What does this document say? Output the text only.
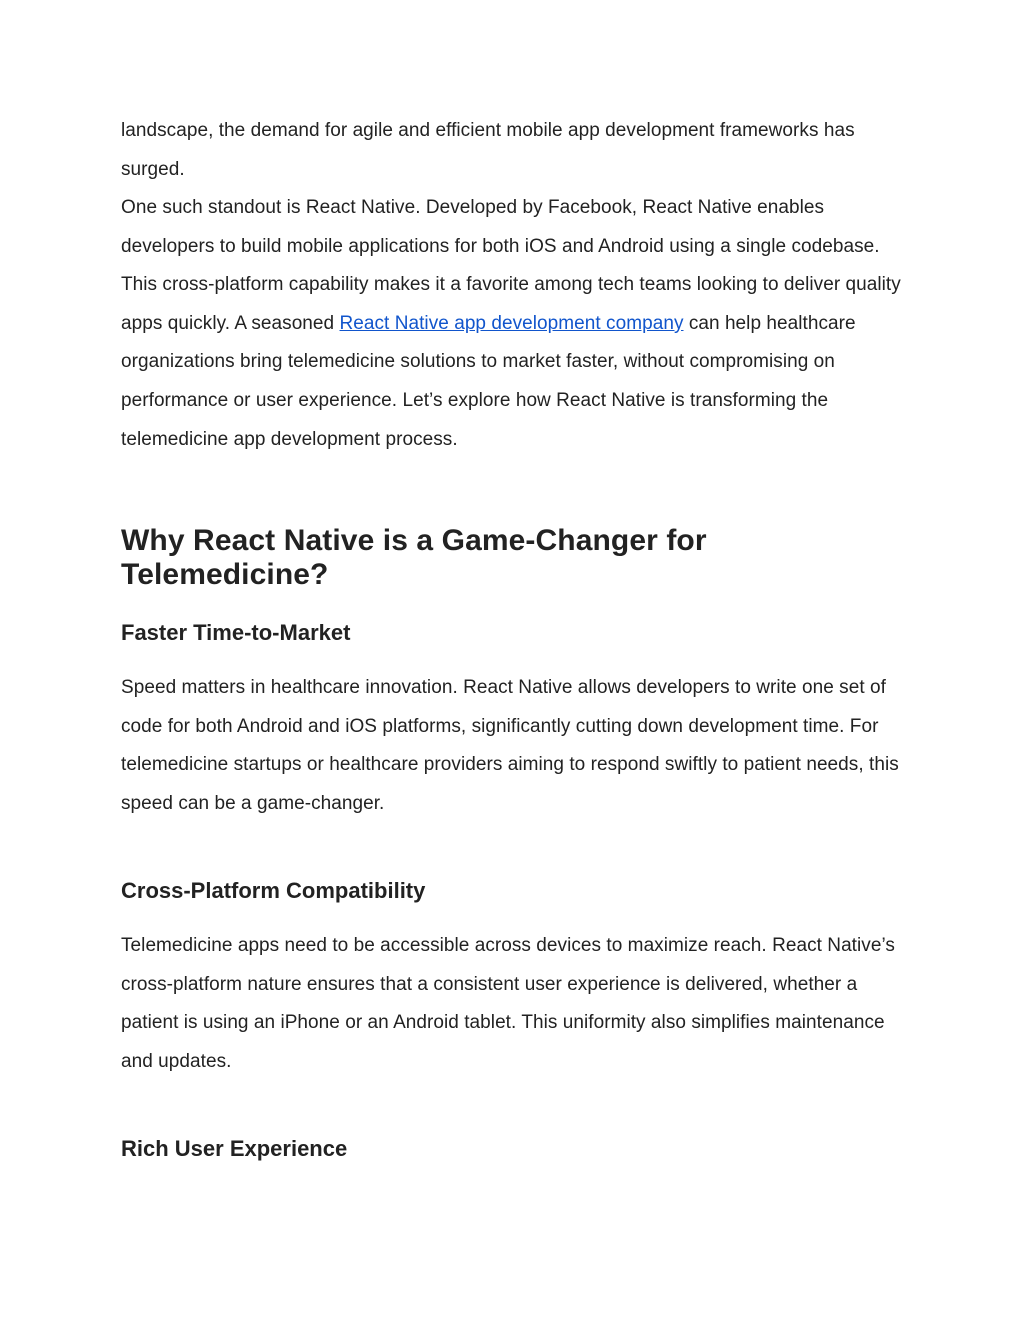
landscape, the demand for agile and efficient mobile app development frameworks has surged.

One such standout is React Native. Developed by Facebook, React Native enables developers to build mobile applications for both iOS and Android using a single codebase. This cross-platform capability makes it a favorite among tech teams looking to deliver quality apps quickly. A seasoned React Native app development company can help healthcare organizations bring telemedicine solutions to market faster, without compromising on performance or user experience. Let’s explore how React Native is transforming the telemedicine app development process.

Why React Native is a Game-Changer for Telemedicine?
Faster Time-to-Market

Speed matters in healthcare innovation. React Native allows developers to write one set of code for both Android and iOS platforms, significantly cutting down development time. For telemedicine startups or healthcare providers aiming to respond swiftly to patient needs, this speed can be a game-changer.

Cross-Platform Compatibility

Telemedicine apps need to be accessible across devices to maximize reach. React Native’s cross-platform nature ensures that a consistent user experience is delivered, whether a patient is using an iPhone or an Android tablet. This uniformity also simplifies maintenance and updates.

Rich User Experience
